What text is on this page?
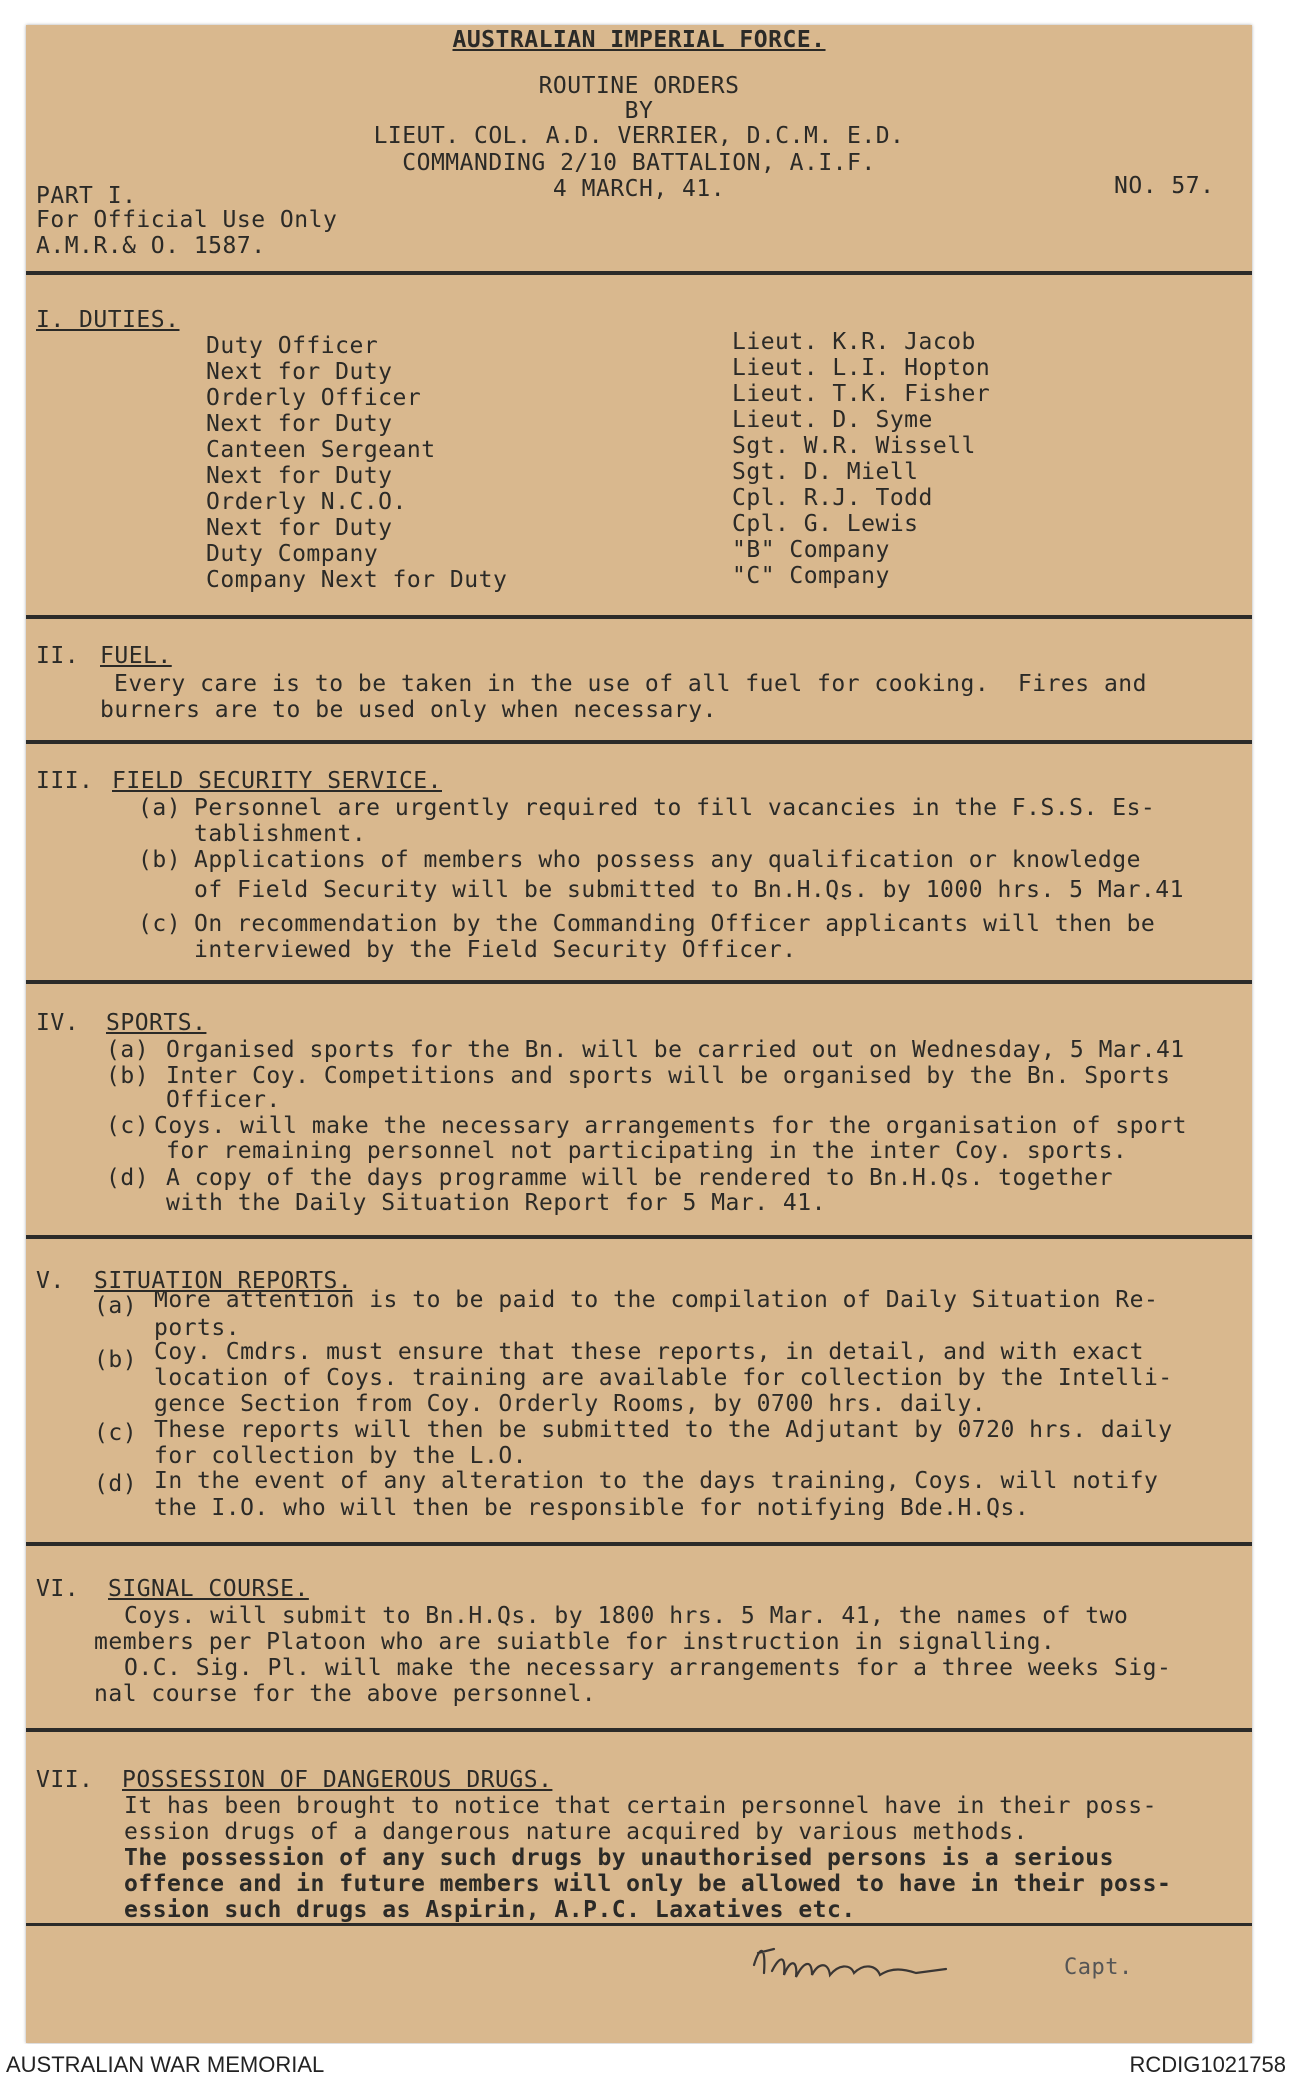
AUSTRALIAN IMPERIAL FORCE.
ROUTINE ORDERS
BY
LIEUT. COL. A.D. VERRIER, D.C.M. E.D.
COMMANDING 2/10 BATTALION, A.I.F.
4 MARCH, 41.
PART I.	NO. 57.
For Official Use Only
A.M.R.& O. 1587.
I. DUTIES.
Duty Officer	Lieut. K.R. Jacob
Next for Duty	Lieut. L.I. Hopton
Orderly Officer	Lieut. T.K. Fisher
Next for Duty	Lieut. D. Syme
Canteen Sergeant	Sgt. W.R. Wissell
Next for Duty	Sgt. D. Miell
Orderly N.C.O.	Cpl. R.J. Todd
Next for Duty	Cpl. G. Lewis
Duty Company	"B" Company
Company Next for Duty	"C" Company
II. FUEL.
Every care is to be taken in the use of all fuel for cooking.  Fires and
burners are to be used only when necessary.
III. FIELD SECURITY SERVICE.
(a) Personnel are urgently required to fill vacancies in the F.S.S. Es-
tablishment.
(b) Applications of members who possess any qualification or knowledge
of Field Security will be submitted to Bn.H.Qs. by 1000 hrs. 5 Mar.41
(c) On recommendation by the Commanding Officer applicants will then be
interviewed by the Field Security Officer.
IV. SPORTS.
(a) Organised sports for the Bn. will be carried out on Wednesday, 5 Mar.41
(b) Inter Coy. Competitions and sports will be organised by the Bn. Sports
Officer.
(c) Coys. will make the necessary arrangements for the organisation of sport
for remaining personnel not participating in the inter Coy. sports.
(d) A copy of the days programme will be rendered to Bn.H.Qs. together
with the Daily Situation Report for 5 Mar. 41.
V. SITUATION REPORTS.
(a) More attention is to be paid to the compilation of Daily Situation Re-
ports.
(b) Coy. Cmdrs. must ensure that these reports, in detail, and with exact
location of Coys. training are available for collection by the Intelli-
gence Section from Coy. Orderly Rooms, by 0700 hrs. daily.
(c) These reports will then be submitted to the Adjutant by 0720 hrs. daily
for collection by the L.O.
(d) In the event of any alteration to the days training, Coys. will notify
the I.O. who will then be responsible for notifying Bde.H.Qs.
VI. SIGNAL COURSE.
Coys. will submit to Bn.H.Qs. by 1800 hrs. 5 Mar. 41, the names of two
members per Platoon who are suiatble for instruction in signalling.
O.C. Sig. Pl. will make the necessary arrangements for a three weeks Sig-
nal course for the above personnel.
VII. POSSESSION OF DANGEROUS DRUGS.
It has been brought to notice that certain personnel have in their poss-
ession drugs of a dangerous nature acquired by various methods.
The possession of any such drugs by unauthorised persons is a serious
offence and in future members will only be allowed to have in their poss-
ession such drugs as Aspirin, A.P.C. Laxatives etc.
Capt.
AUSTRALIAN WAR MEMORIAL	RCDIG1021758
